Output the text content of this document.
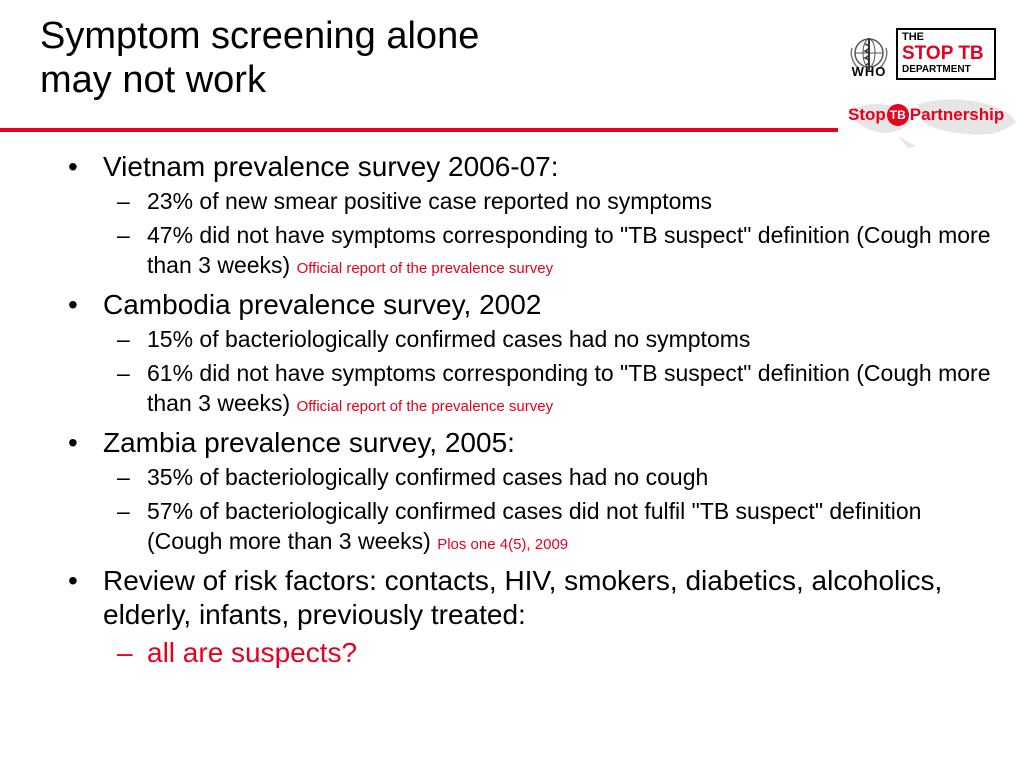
Symptom screening alone
may not work	WHO
THE
STOP TB
DEPARTMENT
Stop TB Partnership
• Vietnam prevalence survey 2006-07:
– 23% of new smear positive case reported no symptoms
– 47% did not have symptoms corresponding to "TB suspect" definition (Cough more than 3 weeks) Official report of the prevalence survey
• Cambodia prevalence survey, 2002
– 15% of bacteriologically confirmed cases had no symptoms
– 61% did not have symptoms corresponding to "TB suspect" definition (Cough more than 3 weeks) Official report of the prevalence survey
• Zambia prevalence survey, 2005:
– 35% of bacteriologically confirmed cases had no cough
– 57% of bacteriologically confirmed cases did not fulfil "TB suspect" definition (Cough more than 3 weeks) Plos one 4(5), 2009
• Review of risk factors: contacts, HIV, smokers, diabetics, alcoholics, elderly, infants, previously treated:
– all are suspects?
